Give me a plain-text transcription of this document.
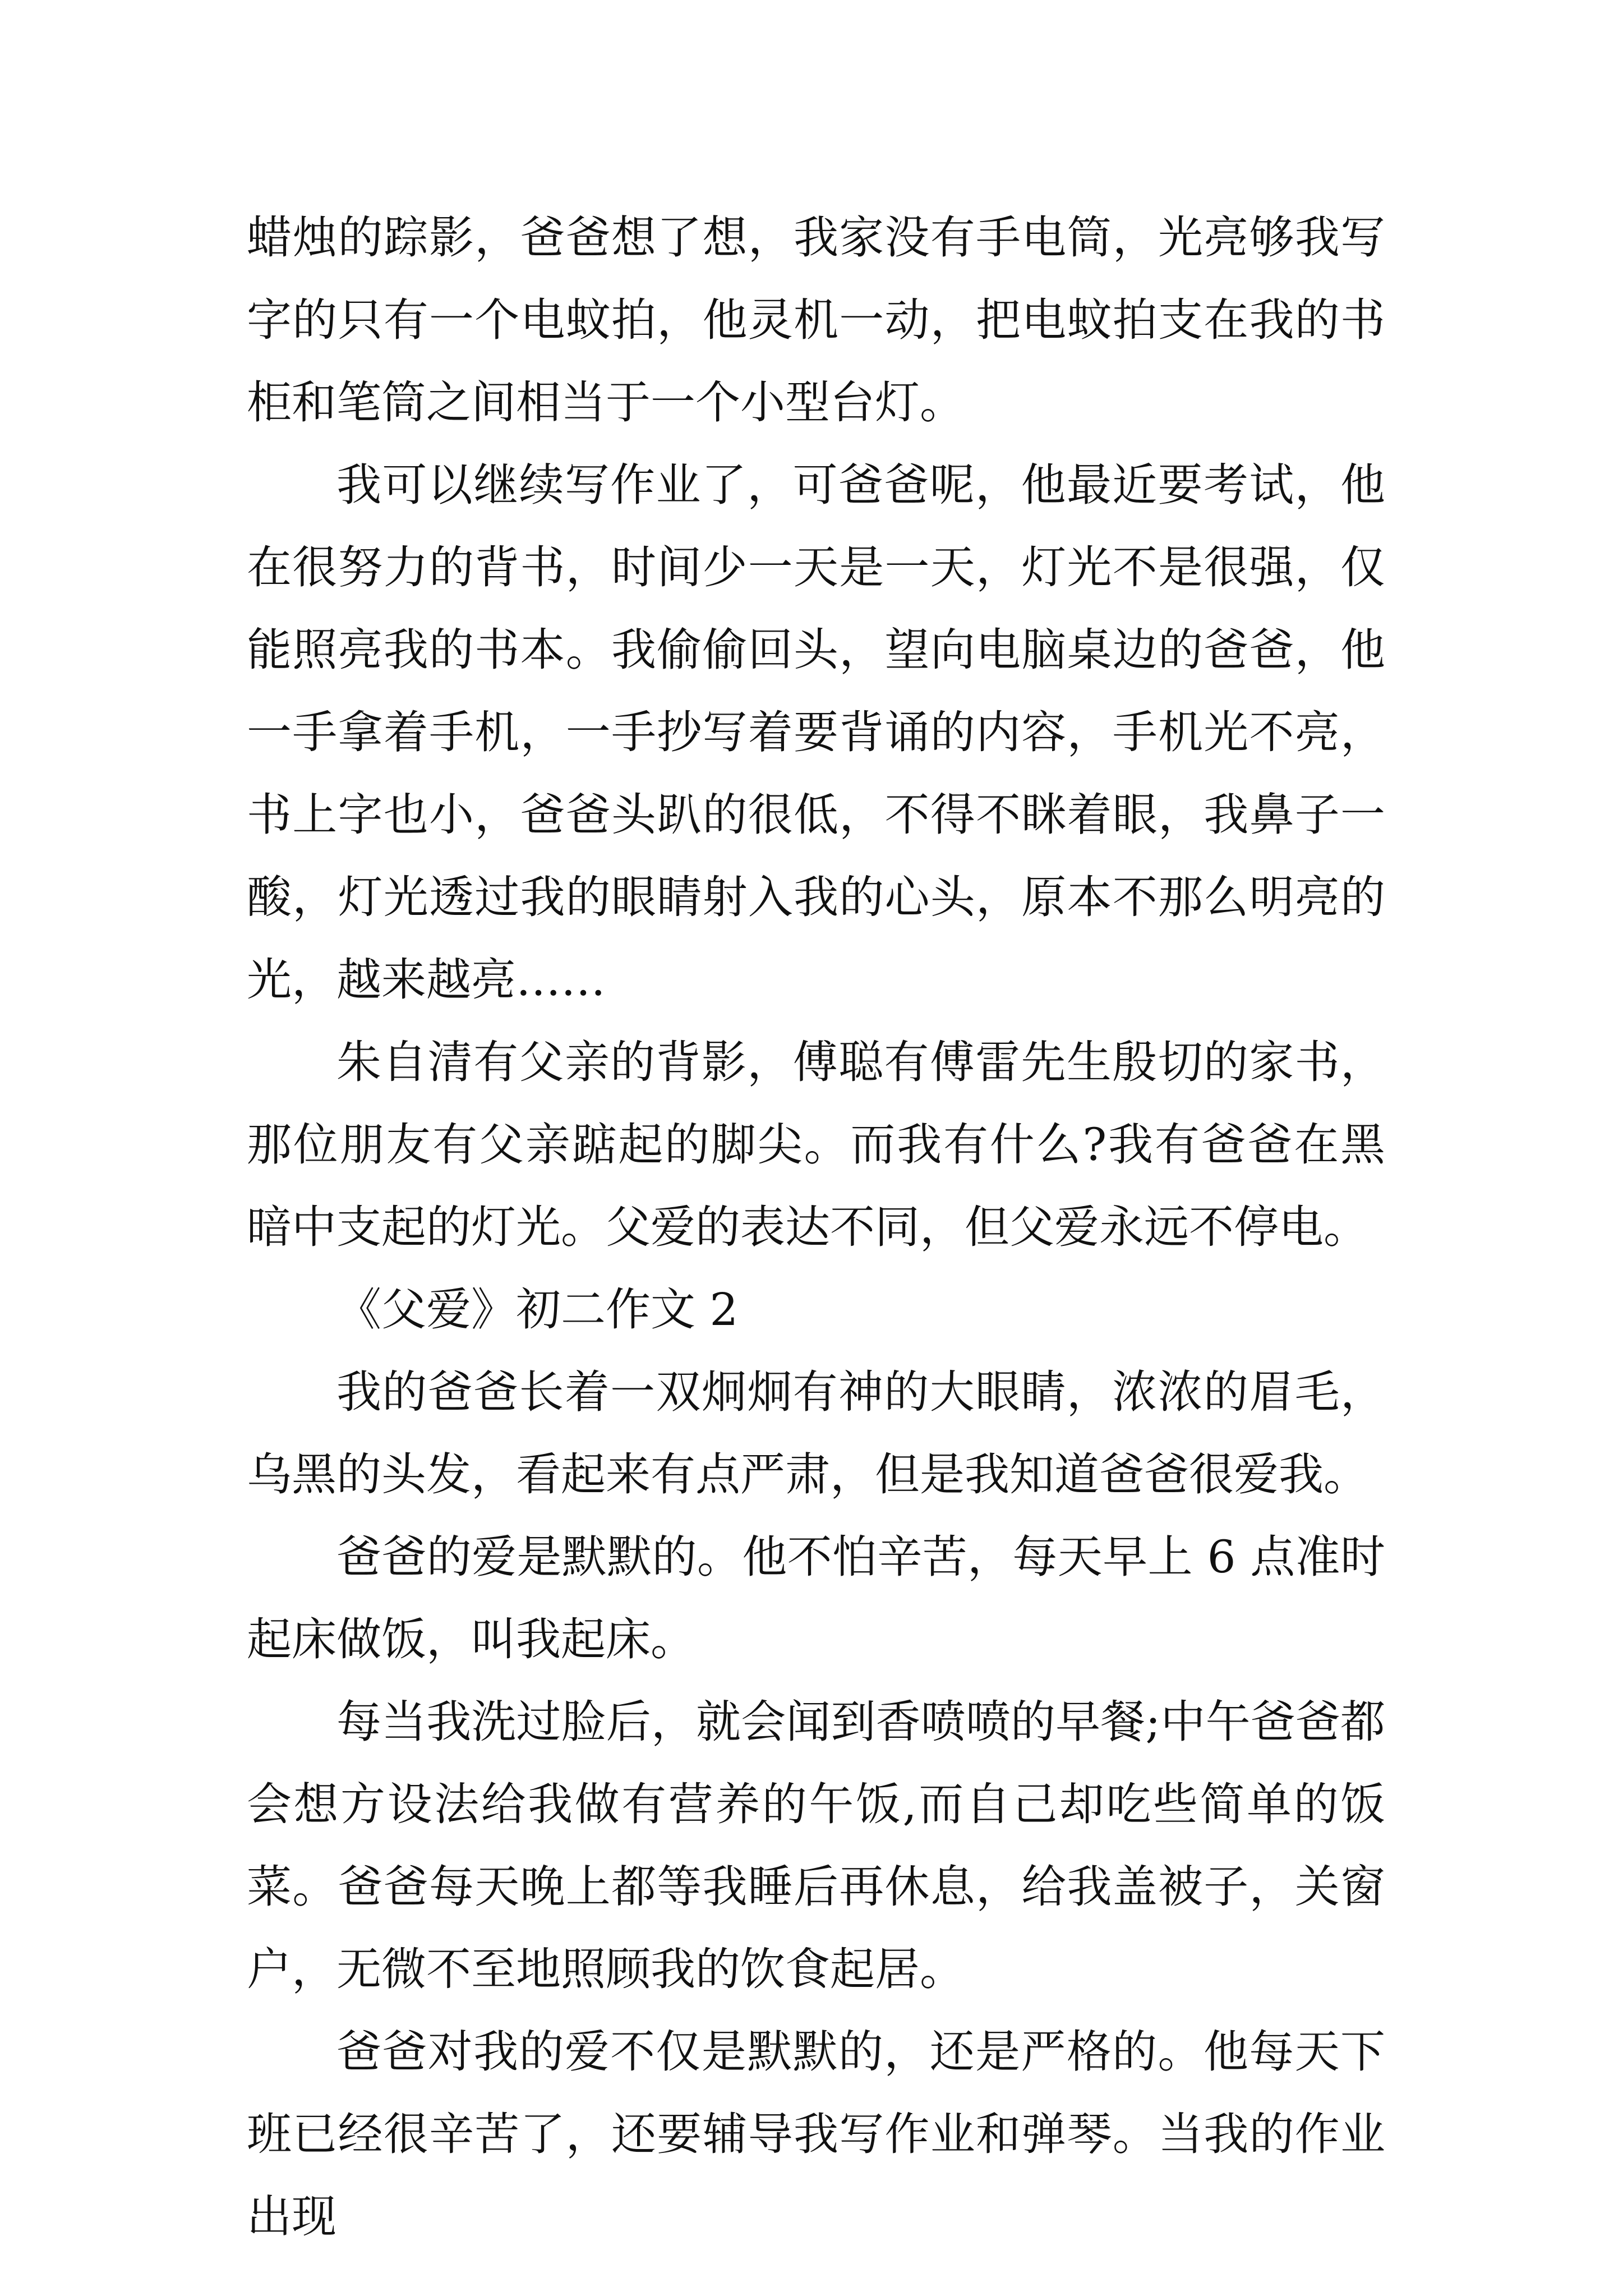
蜡烛的踪影，爸爸想了想，我家没有手电筒，光亮够我写字的只有一个电蚊拍，他灵机一动，把电蚊拍支在我的书柜和笔筒之间相当于一个小型台灯。

我可以继续写作业了，可爸爸呢，他最近要考试，他在很努力的背书，时间少一天是一天，灯光不是很强，仅能照亮我的书本。我偷偷回头，望向电脑桌边的爸爸，他一手拿着手机，一手抄写着要背诵的内容，手机光不亮，书上字也小，爸爸头趴的很低，不得不眯着眼，我鼻子一酸，灯光透过我的眼睛射入我的心头，原本不那么明亮的光，越来越亮……

朱自清有父亲的背影，傅聪有傅雷先生殷切的家书，那位朋友有父亲踮起的脚尖。而我有什么?我有爸爸在黑暗中支起的灯光。父爱的表达不同，但父爱永远不停电。

《父爱》初二作文 2

我的爸爸长着一双炯炯有神的大眼睛，浓浓的眉毛，乌黑的头发，看起来有点严肃，但是我知道爸爸很爱我。

爸爸的爱是默默的。他不怕辛苦，每天早上 6 点准时起床做饭，叫我起床。

每当我洗过脸后，就会闻到香喷喷的早餐;中午爸爸都会想方设法给我做有营养的午饭,而自己却吃些简单的饭菜。爸爸每天晚上都等我睡后再休息，给我盖被子，关窗户，无微不至地照顾我的饮食起居。

爸爸对我的爱不仅是默默的，还是严格的。他每天下班已经很辛苦了，还要辅导我写作业和弹琴。当我的作业出现
